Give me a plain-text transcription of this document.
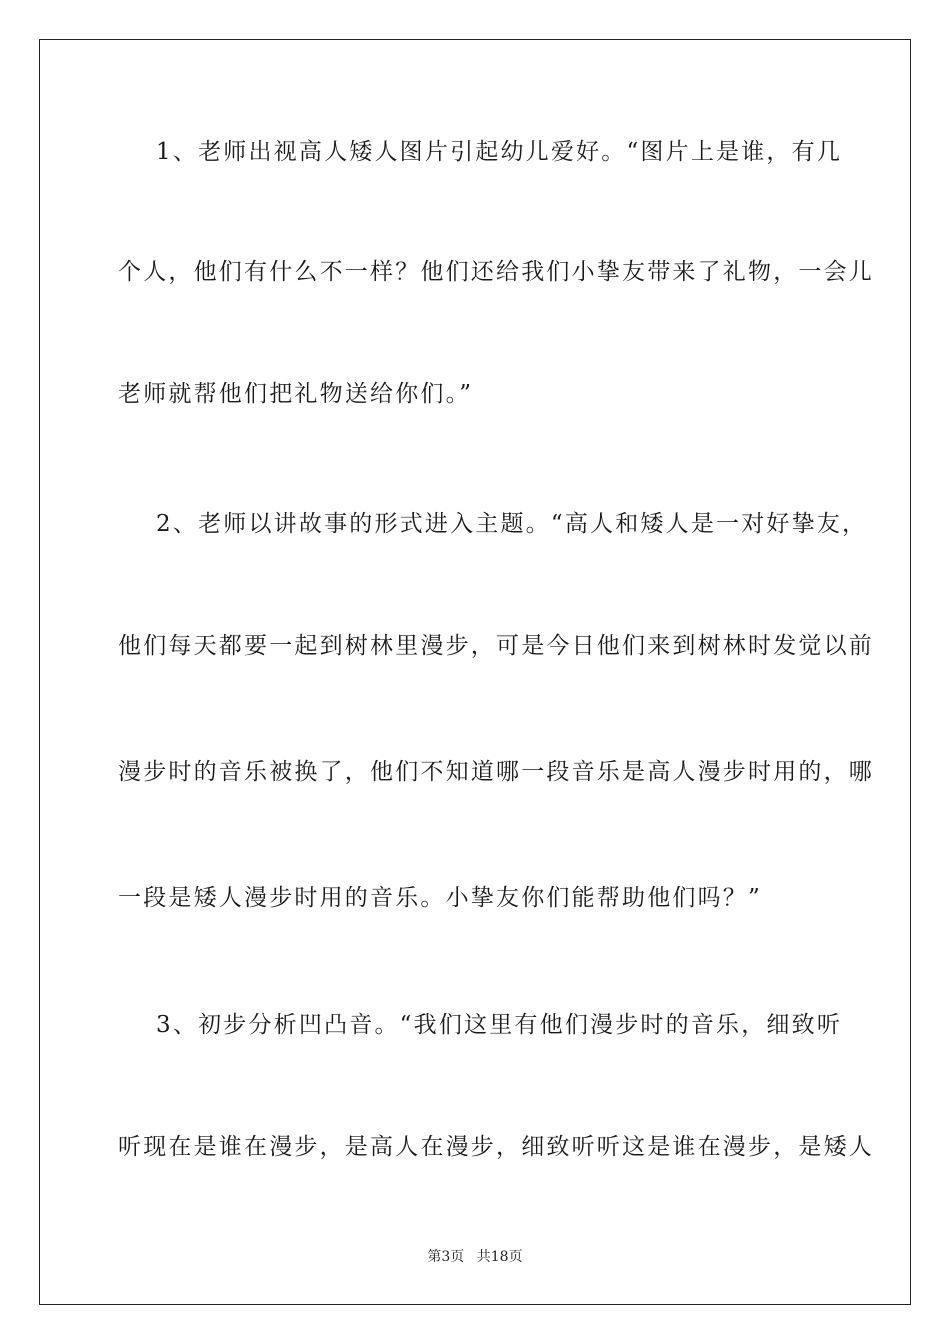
1、老师出视高人矮人图片引起幼儿爱好。“图片上是谁，有几
个人，他们有什么不一样？他们还给我们小挚友带来了礼物，一会儿
老师就帮他们把礼物送给你们。”
2、老师以讲故事的形式进入主题。“高人和矮人是一对好挚友，
他们每天都要一起到树林里漫步，可是今日他们来到树林时发觉以前
漫步时的音乐被换了，他们不知道哪一段音乐是高人漫步时用的，哪
一段是矮人漫步时用的音乐。小挚友你们能帮助他们吗？”
3、初步分析凹凸音。“我们这里有他们漫步时的音乐，细致听
听现在是谁在漫步，是高人在漫步，细致听听这是谁在漫步，是矮人
第3页 共18页
